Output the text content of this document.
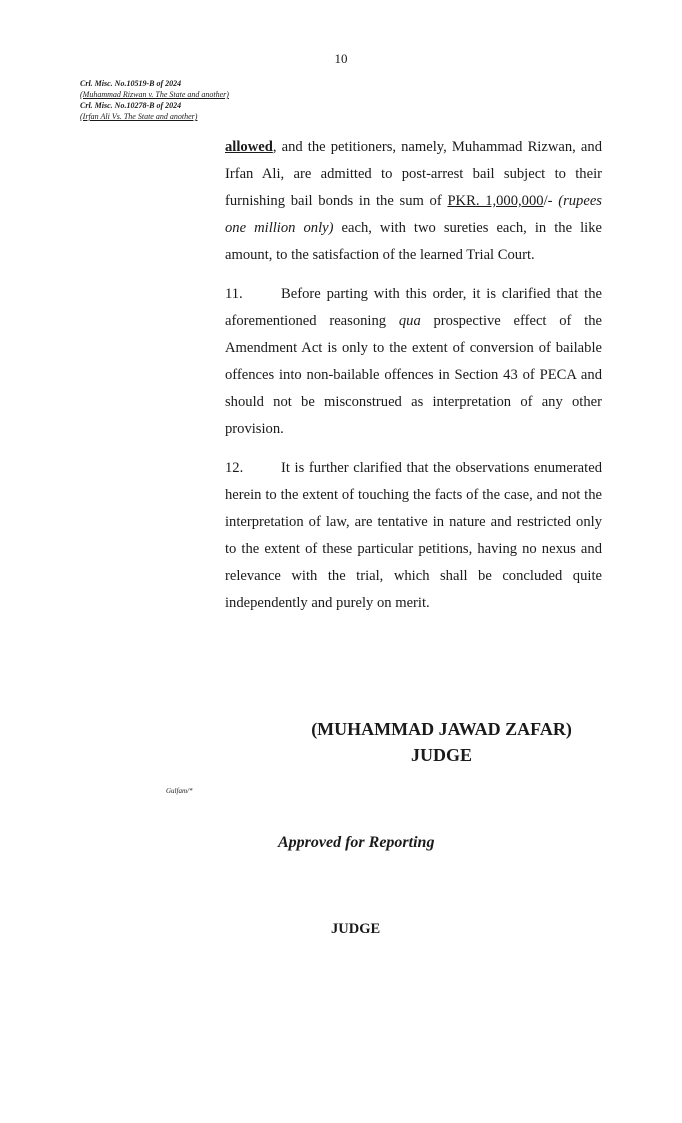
10
Crl. Misc. No.10519-B of 2024
(Muhammad Rizwan v. The State and another)
Crl. Misc. No.10278-B of 2024
(Irfan Ali Vs. The State and another)

allowed, and the petitioners, namely, Muhammad Rizwan, and Irfan Ali, are admitted to post-arrest bail subject to their furnishing bail bonds in the sum of PKR. 1,000,000/- (rupees one million only) each, with two sureties each, in the like amount, to the satisfaction of the learned Trial Court.

11.	Before parting with this order, it is clarified that the aforementioned reasoning qua prospective effect of the Amendment Act is only to the extent of conversion of bailable offences into non-bailable offences in Section 43 of PECA and should not be misconstrued as interpretation of any other provision.

12.	It is further clarified that the observations enumerated herein to the extent of touching the facts of the case, and not the interpretation of law, are tentative in nature and restricted only to the extent of these particular petitions, having no nexus and relevance with the trial, which shall be concluded quite independently and purely on merit.

(MUHAMMAD JAWAD ZAFAR)
JUDGE
Gulfam/*
Approved for Reporting
JUDGE
